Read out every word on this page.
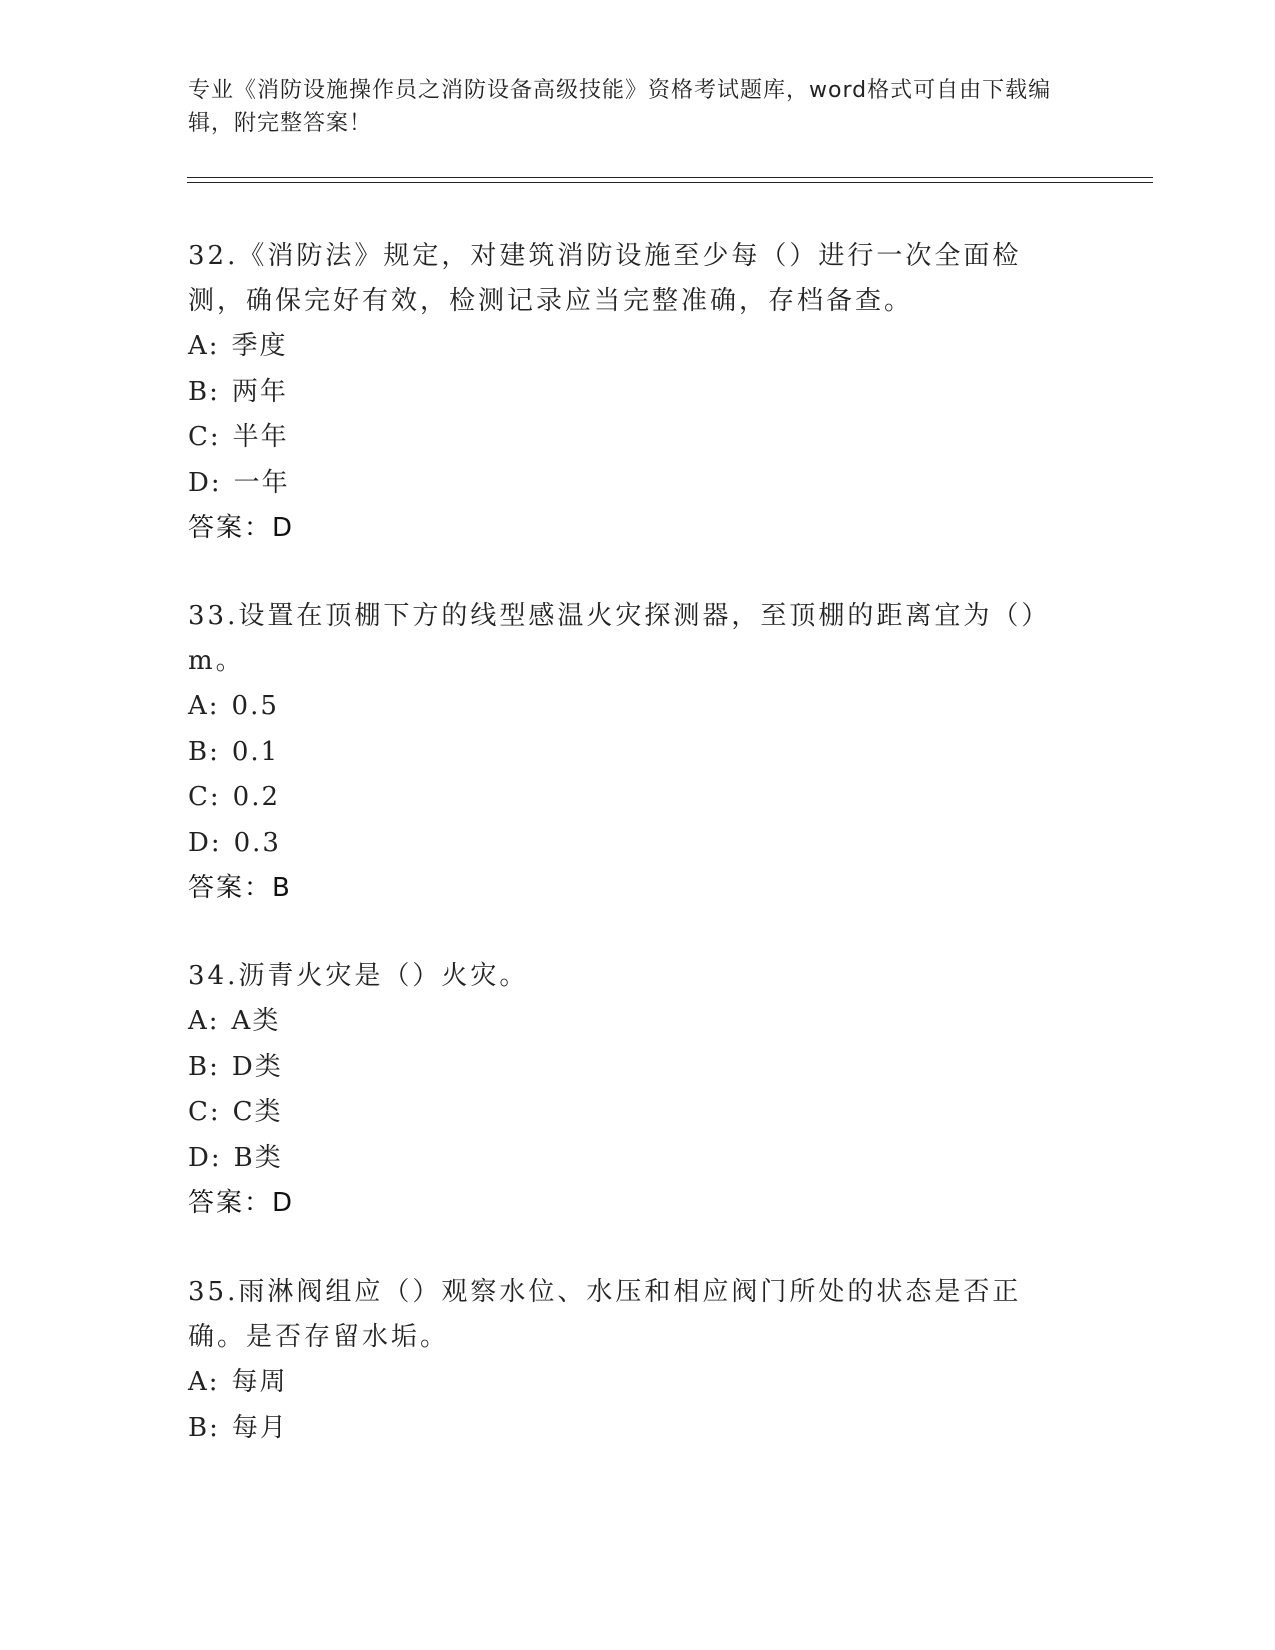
专业《消防设施操作员之消防设备高级技能》资格考试题库，word格式可自由下载编辑，附完整答案！

32.《消防法》规定，对建筑消防设施至少每（）进行一次全面检测，确保完好有效，检测记录应当完整准确，存档备查。

A: 季度
B: 两年
C: 半年
D: 一年
答案：D

33.设置在顶棚下方的线型感温火灾探测器，至顶棚的距离宜为（）m。

A: 0.5
B: 0.1
C: 0.2
D: 0.3
答案：B

34.沥青火灾是（）火灾。

A: A类
B: D类
C: C类
D: B类
答案：D

35.雨淋阀组应（）观察水位、水压和相应阀门所处的状态是否正确。是否存留水垢。

A: 每周
B: 每月
